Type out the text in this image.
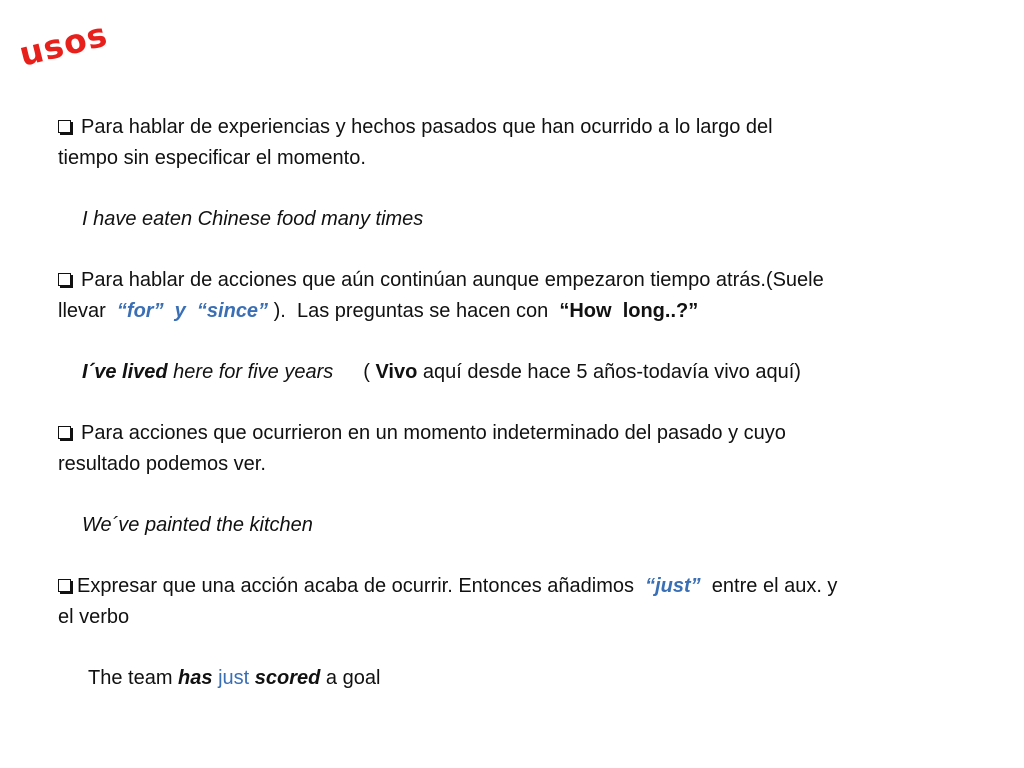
usos
Para hablar de experiencias y hechos pasados que han ocurrido a lo largo del
tiempo sin especificar el momento.
I have eaten Chinese food many times
Para hablar de acciones que aún continúan aunque empezaron tiempo atrás.(Suele
llevar  “for”  y  “since” ).  Las preguntas se hacen con  “How  long..?”
I´ve lived here for five years ( Vivo aquí desde hace 5 años-todavía vivo aquí)
Para acciones que ocurrieron en un momento indeterminado del pasado y cuyo
resultado podemos ver.
We´ve painted the kitchen
Expresar que una acción acaba de ocurrir. Entonces añadimos  “just”  entre el aux. y
el verbo
The team has just scored a goal
